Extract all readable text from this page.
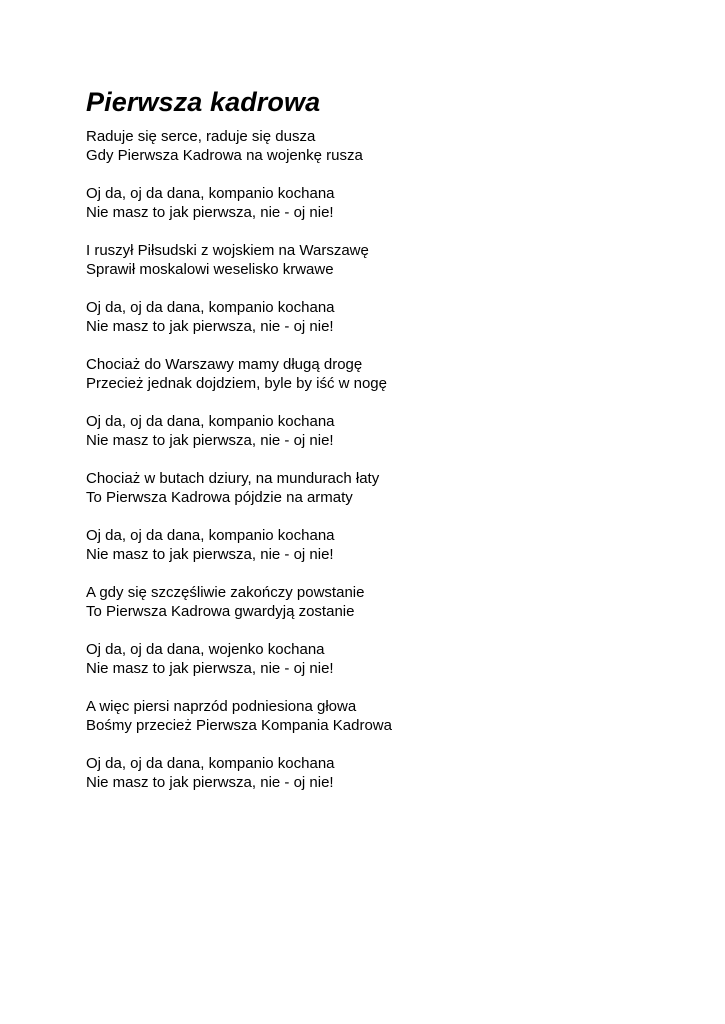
Pierwsza kadrowa
Raduje się serce, raduje się dusza
Gdy Pierwsza Kadrowa na wojenkę rusza
Oj da, oj da dana, kompanio kochana
Nie masz to jak pierwsza, nie - oj nie!
I ruszył Piłsudski z wojskiem na Warszawę
Sprawił moskalowi weselisko krwawe
Oj da, oj da dana, kompanio kochana
Nie masz to jak pierwsza, nie - oj nie!
Chociaż do Warszawy mamy długą drogę
Przecież jednak dojdziem, byle by iść w nogę
Oj da, oj da dana, kompanio kochana
Nie masz to jak pierwsza, nie - oj nie!
Chociaż w butach dziury, na mundurach łaty
To Pierwsza Kadrowa pójdzie na armaty
Oj da, oj da dana, kompanio kochana
Nie masz to jak pierwsza, nie - oj nie!
A gdy się szczęśliwie zakończy powstanie
To Pierwsza Kadrowa gwardyją zostanie
Oj da, oj da dana, wojenko kochana
Nie masz to jak pierwsza, nie - oj nie!
A więc piersi naprzód podniesiona głowa
Bośmy przecież Pierwsza Kompania Kadrowa
Oj da, oj da dana, kompanio kochana
Nie masz to jak pierwsza, nie - oj nie!
